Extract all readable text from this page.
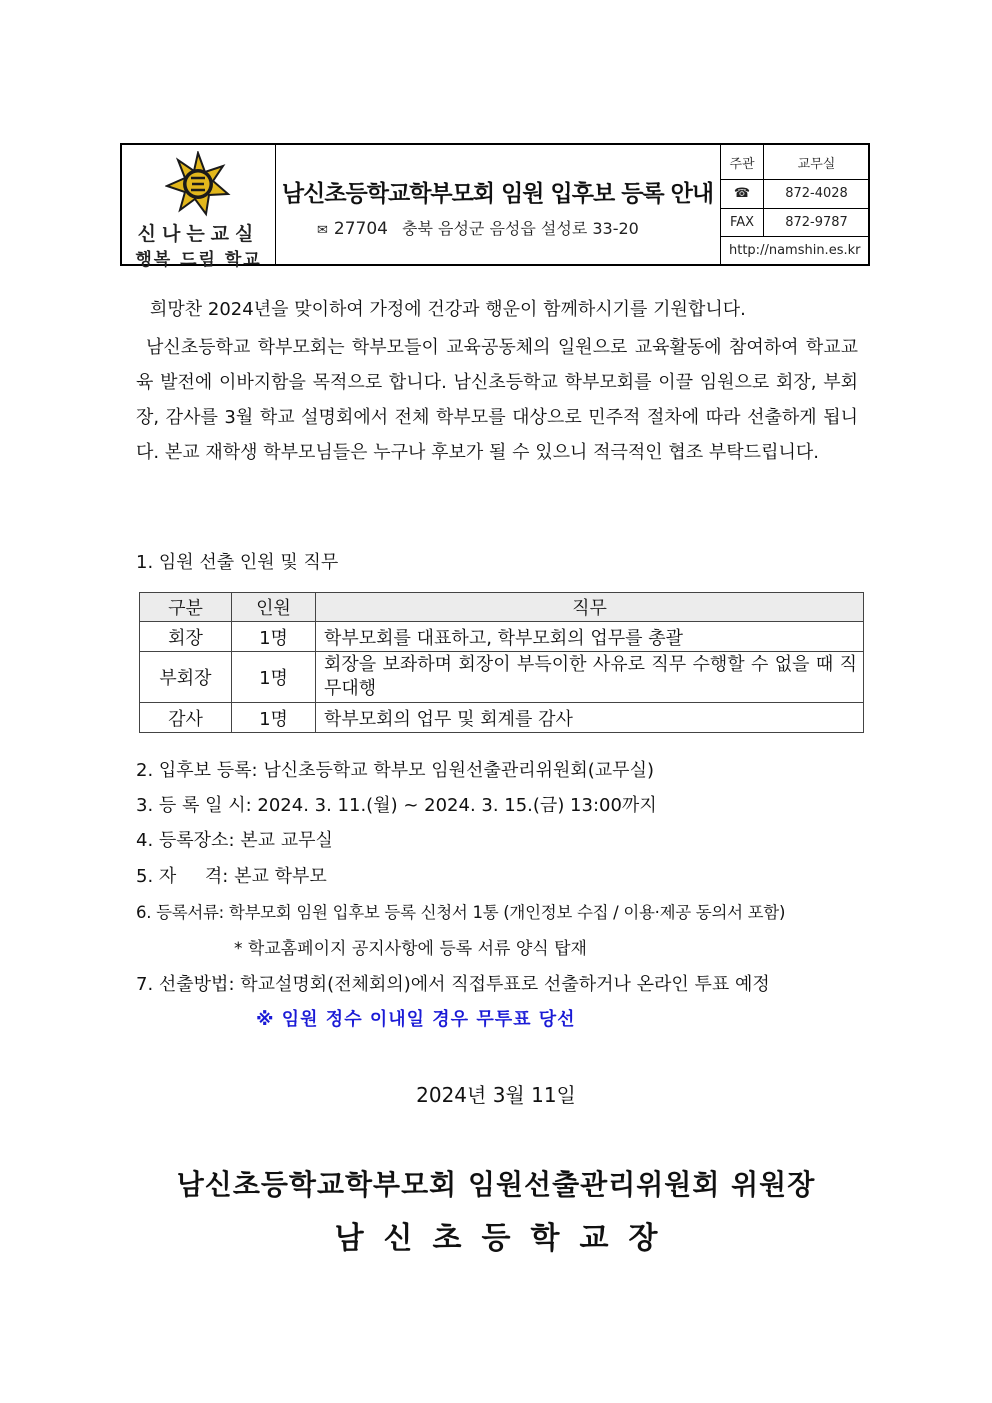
신나는교실
행복 드림 학교
남신초등학교학부모회 임원 입후보 등록 안내
✉ 27704 충북 음성군 음성읍 설성로 33-20
주관	교무실
☎	872-4028
FAX	872-9787
http://namshin.es.kr	
희망찬 2024년을 맞이하여 가정에 건강과 행운이 함께하시기를 기원합니다.
남신초등학교 학부모회는 학부모들이 교육공동체의 일원으로 교육활동에 참여하여 학교교육 발전에 이바지함을 목적으로 합니다. 남신초등학교 학부모회를 이끌 임원으로 회장, 부회장, 감사를 3월 학교 설명회에서 전체 학부모를 대상으로 민주적 절차에 따라 선출하게 됩니다. 본교 재학생 학부모님들은 누구나 후보가 될 수 있으니 적극적인 협조 부탁드립니다.
1. 임원 선출 인원 및 직무
구분	인원	직무
회장	1명	학부모회를 대표하고, 학부모회의 업무를 총괄
부회장	1명	회장을 보좌하며 회장이 부득이한 사유로 직무 수행할 수 없을 때 직무대행
감사	1명	학부모회의 업무 및 회계를 감사
2. 입후보 등록: 남신초등학교 학부모 임원선출관리위원회(교무실)
3. 등 록 일 시: 2024. 3. 11.(월) ~ 2024. 3. 15.(금) 13:00까지
4. 등록장소: 본교 교무실
5. 자     격: 본교 학부모
6. 등록서류: 학부모회 임원 입후보 등록 신청서 1통 (개인정보 수집 / 이용·제공 동의서 포함)
* 학교홈페이지 공지사항에 등록 서류 양식 탑재
7. 선출방법: 학교설명회(전체회의)에서 직접투표로 선출하거나 온라인 투표 예정
※ 임원 정수 이내일 경우 무투표 당선
2024년 3월 11일
남신초등학교학부모회 임원선출관리위원회 위원장
남신초등학교장
